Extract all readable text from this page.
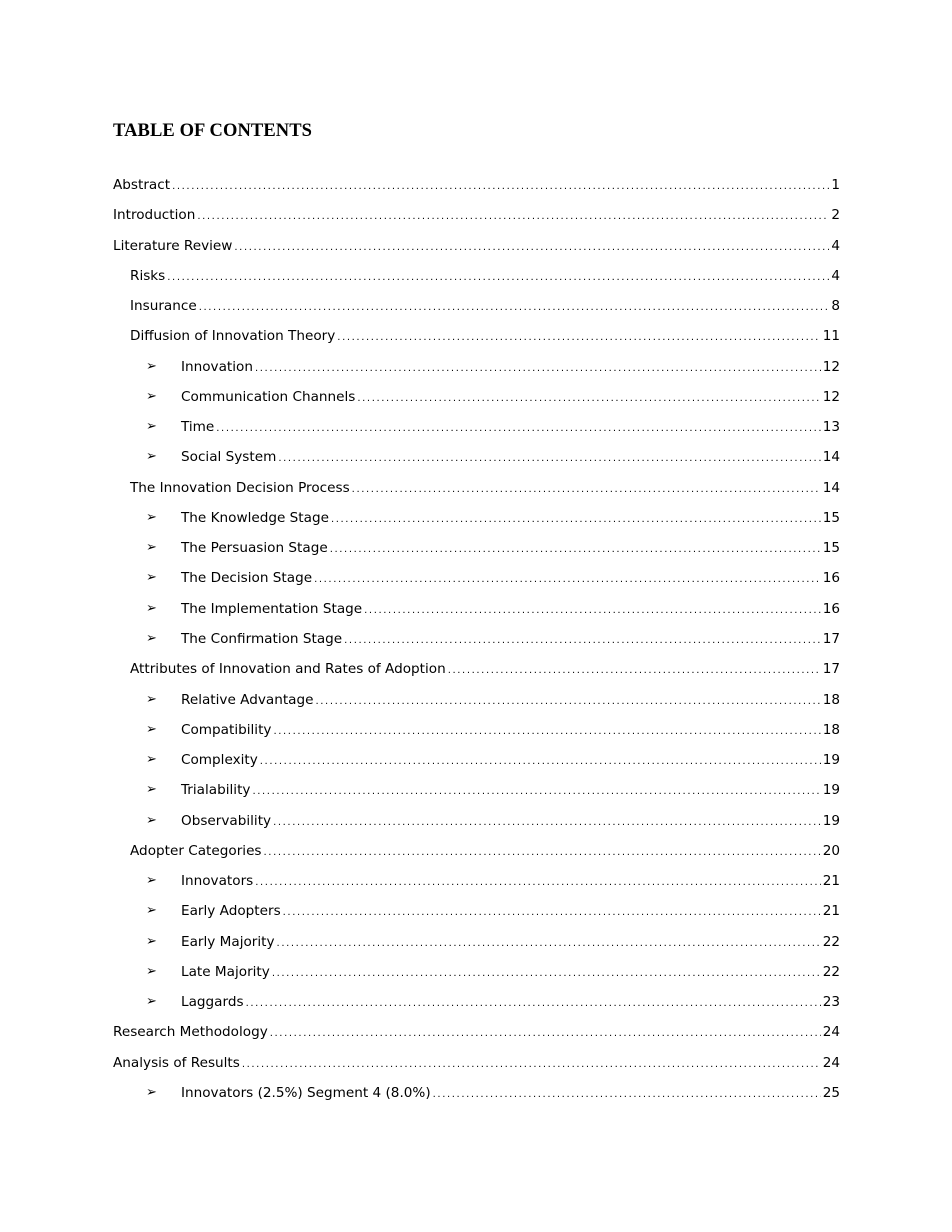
TABLE OF CONTENTS
Abstract .....	1
Introduction .....	2
Literature Review .....	4
Risks .....	4
Insurance .....	8
Diffusion of Innovation Theory .....	11
➢ Innovation .....	12
➢ Communication Channels .....	12
➢ Time .....	13
➢ Social System .....	14
The Innovation Decision Process .....	14
➢ The Knowledge Stage .....	15
➢ The Persuasion Stage .....	15
➢ The Decision Stage .....	16
➢ The Implementation Stage .....	16
➢ The Confirmation Stage .....	17
Attributes of Innovation and Rates of Adoption .....	17
➢ Relative Advantage .....	18
➢ Compatibility .....	18
➢ Complexity .....	19
➢ Trialability .....	19
➢ Observability .....	19
Adopter Categories .....	20
➢ Innovators .....	21
➢ Early Adopters .....	21
➢ Early Majority .....	22
➢ Late Majority .....	22
➢ Laggards .....	23
Research Methodology .....	24
Analysis of Results .....	24
➢ Innovators (2.5%) Segment 4 (8.0%) .....	25
